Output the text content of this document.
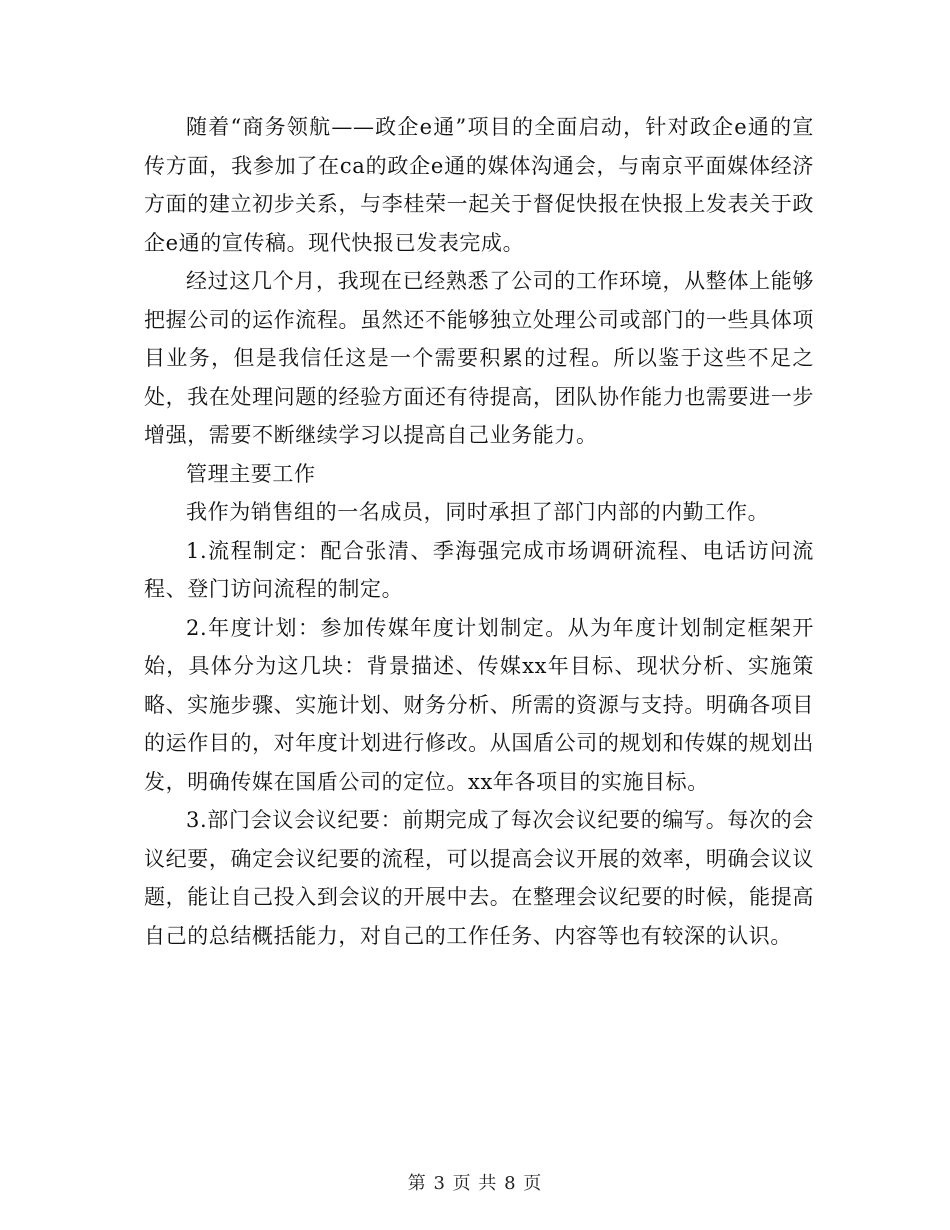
随着“商务领航——政企e通”项目的全面启动，针对政企e通的宣传方面，我参加了在ca的政企e通的媒体沟通会，与南京平面媒体经济方面的建立初步关系，与李桂荣一起关于督促快报在快报上发表关于政企e通的宣传稿。现代快报已发表完成。

经过这几个月，我现在已经熟悉了公司的工作环境，从整体上能够把握公司的运作流程。虽然还不能够独立处理公司或部门的一些具体项目业务，但是我信任这是一个需要积累的过程。所以鉴于这些不足之处，我在处理问题的经验方面还有待提高，团队协作能力也需要进一步增强，需要不断继续学习以提高自己业务能力。

管理主要工作

我作为销售组的一名成员，同时承担了部门内部的内勤工作。

1.流程制定：配合张清、季海强完成市场调研流程、电话访问流程、登门访问流程的制定。

2.年度计划：参加传媒年度计划制定。从为年度计划制定框架开始，具体分为这几块：背景描述、传媒xx年目标、现状分析、实施策略、实施步骤、实施计划、财务分析、所需的资源与支持。明确各项目的运作目的，对年度计划进行修改。从国盾公司的规划和传媒的规划出发，明确传媒在国盾公司的定位。xx年各项目的实施目标。

3.部门会议会议纪要：前期完成了每次会议纪要的编写。每次的会议纪要，确定会议纪要的流程，可以提高会议开展的效率，明确会议议题，能让自己投入到会议的开展中去。在整理会议纪要的时候，能提高自己的总结概括能力，对自己的工作任务、内容等也有较深的认识。

第 3 页 共 8 页
